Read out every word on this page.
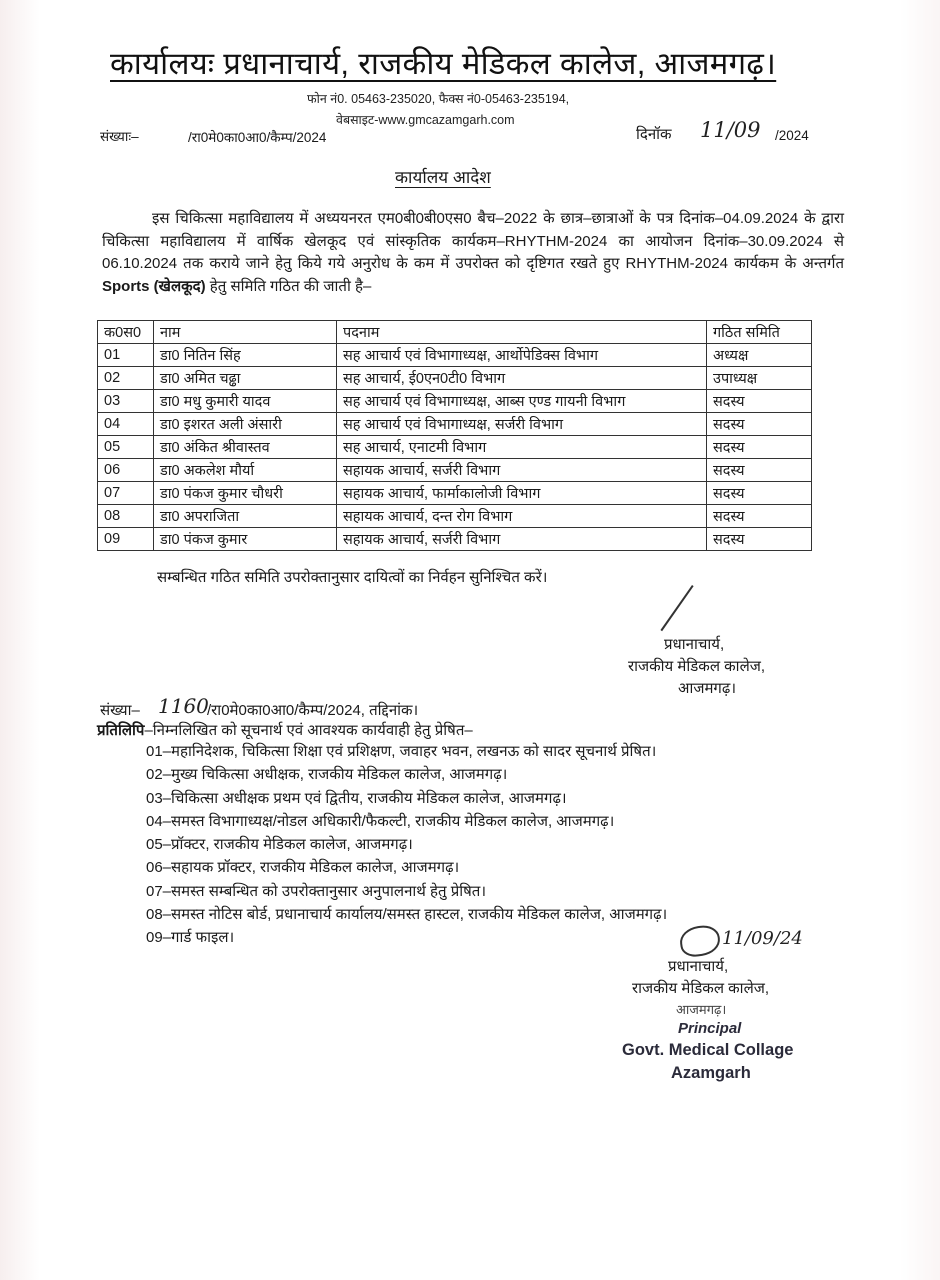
कार्यालयः प्रधानाचार्य, राजकीय मेडिकल कालेज, आजमगढ़।
फोन नं0. 05463-235020, फैक्स नं0-05463-235194,
वेबसाइट-www.gmcazamgarh.com
संख्याः–	/रा0मे0का0आ0/कैम्प/2024	दिनॉक 11/09 /2024
कार्यालय आदेश
इस चिकित्सा महाविद्यालय में अध्ययनरत एम0बी0बी0एस0 बैच–2022 के छात्र–छात्राओं के पत्र दिनांक–04.09.2024 के द्वारा चिकित्सा महाविद्यालय में वार्षिक खेलकूद एवं सांस्कृतिक कार्यकम–RHYTHM-2024 का आयोजन दिनांक–30.09.2024 से 06.10.2024 तक कराये जाने हेतु किये गये अनुरोध के कम में उपरोक्त को दृष्टिगत रखते हुए RHYTHM-2024 कार्यकम के अन्तर्गत Sports (खेलकूद) हेतु समिति गठित की जाती है–
क0स0	नाम	पदनाम	गठित समिति
01	डा0 नितिन सिंह	सह आचार्य एवं विभागाध्यक्ष, आर्थोपेडिक्स विभाग	अध्यक्ष
02	डा0 अमित चढ्ढा	सह आचार्य, ई0एन0टी0 विभाग	उपाध्यक्ष
03	डा0 मधु कुमारी यादव	सह आचार्य एवं विभागाध्यक्ष, आब्स एण्ड गायनी विभाग	सदस्य
04	डा0 इशरत अली अंसारी	सह आचार्य एवं विभागाध्यक्ष, सर्जरी विभाग	सदस्य
05	डा0 अंकित श्रीवास्तव	सह आचार्य, एनाटमी विभाग	सदस्य
06	डा0 अकलेश मौर्या	सहायक आचार्य, सर्जरी विभाग	सदस्य
07	डा0 पंकज कुमार चौधरी	सहायक आचार्य, फार्माकालोजी विभाग	सदस्य
08	डा0 अपराजिता	सहायक आचार्य, दन्त रोग विभाग	सदस्य
09	डा0 पंकज कुमार	सहायक आचार्य, सर्जरी विभाग	सदस्य
सम्बन्धित गठित समिति उपरोक्तानुसार दायित्वों का निर्वहन सुनिश्चित करें।
प्रधानाचार्य,
राजकीय मेडिकल कालेज,
आजमगढ़।
संख्या– 1160
/रा0मे0का0आ0/कैम्प/2024, तद्दिनांक।
प्रतिलिपि–निम्नलिखित को सूचनार्थ एवं आवश्यक कार्यवाही हेतु प्रेषित–
01–महानिदेशक, चिकित्सा शिक्षा एवं प्रशिक्षण, जवाहर भवन, लखनऊ को सादर सूचनार्थ प्रेषित।
02–मुख्य चिकित्सा अधीक्षक, राजकीय मेडिकल कालेज, आजमगढ़।
03–चिकित्सा अधीक्षक प्रथम एवं द्वितीय, राजकीय मेडिकल कालेज, आजमगढ़।
04–समस्त विभागाध्यक्ष/नोडल अधिकारी/फैकल्टी, राजकीय मेडिकल कालेज, आजमगढ़।
05–प्रॉक्टर, राजकीय मेडिकल कालेज, आजमगढ़।
06–सहायक प्रॉक्टर, राजकीय मेडिकल कालेज, आजमगढ़।
07–समस्त सम्बन्धित को उपरोक्तानुसार अनुपालनार्थ हेतु प्रेषित।
08–समस्त नोटिस बोर्ड, प्रधानाचार्य कार्यालय/समस्त हास्टल, राजकीय मेडिकल कालेज, आजमगढ़।
09–गार्ड फाइल।	11/09/24
प्रधानाचार्य,
राजकीय मेडिकल कालेज,
आजमगढ़।
Principal
Govt. Medical Collage
Azamgarh
